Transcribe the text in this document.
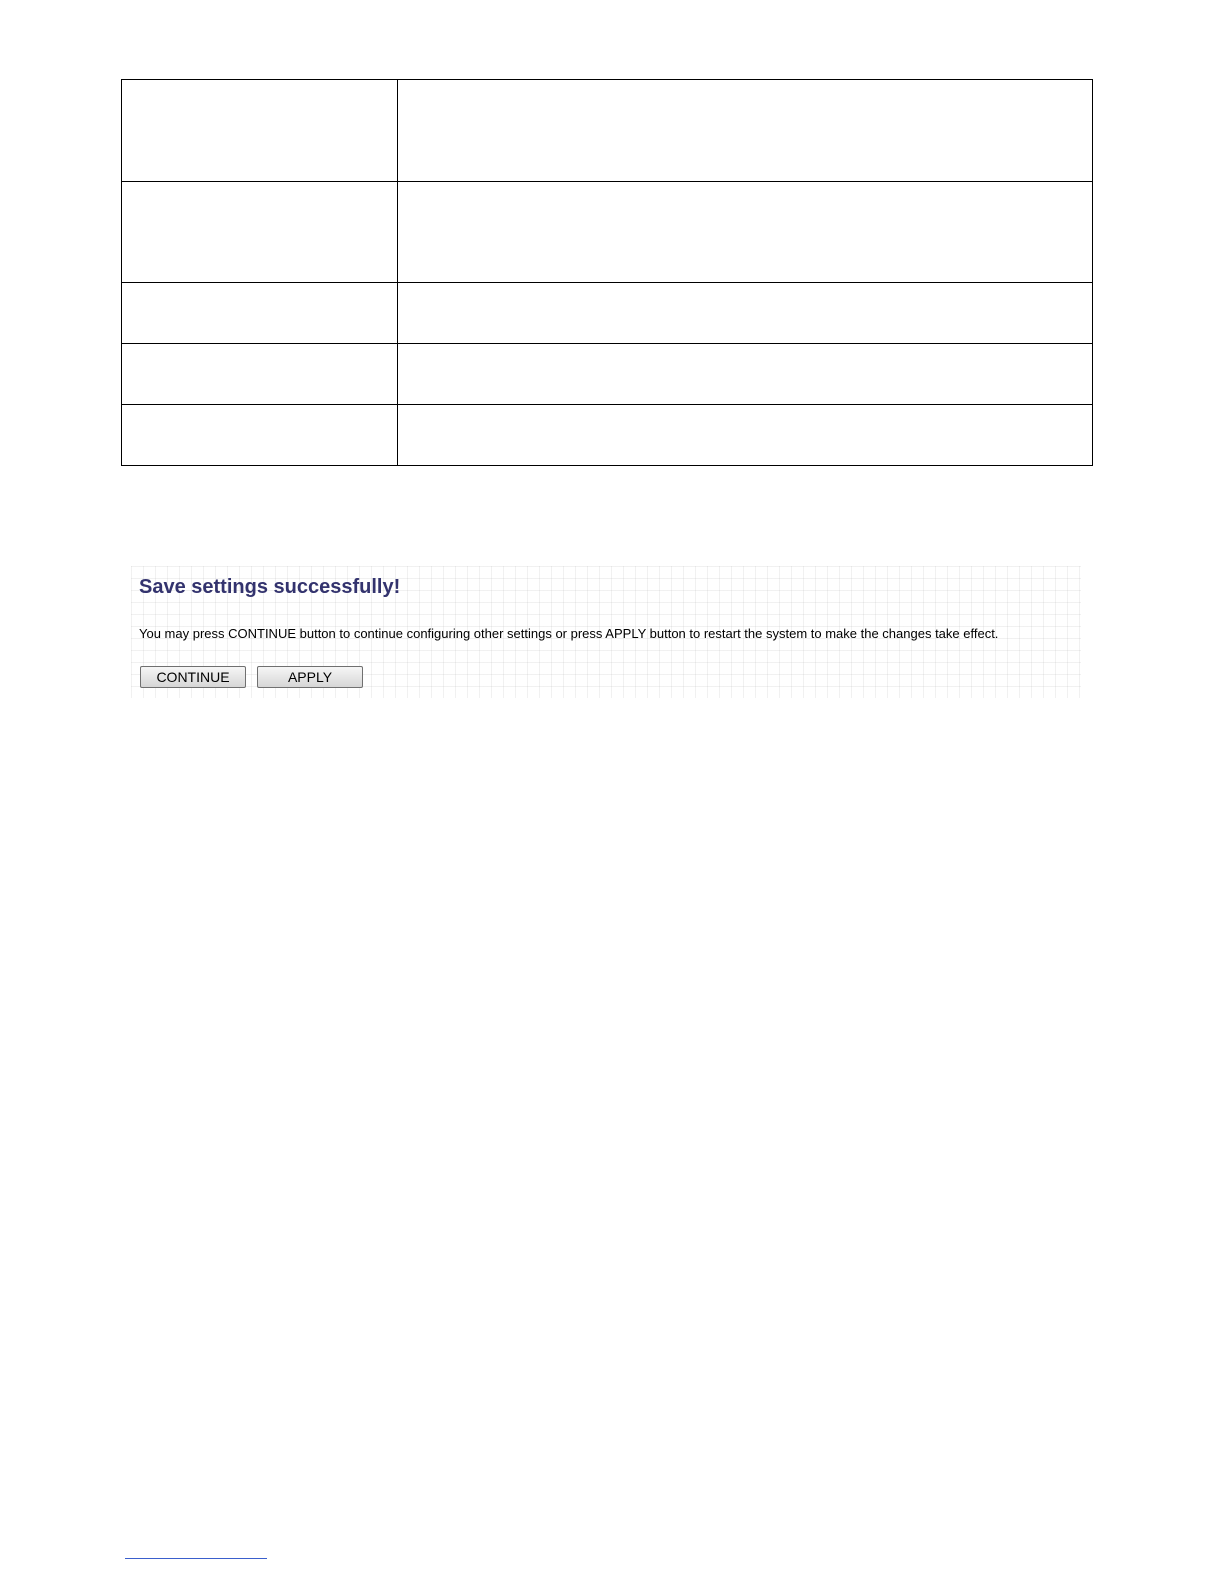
Save settings successfully!

You may press CONTINUE button to continue configuring other settings or press APPLY button to restart the system to make the changes take effect.

CONTINUE	APPLY
